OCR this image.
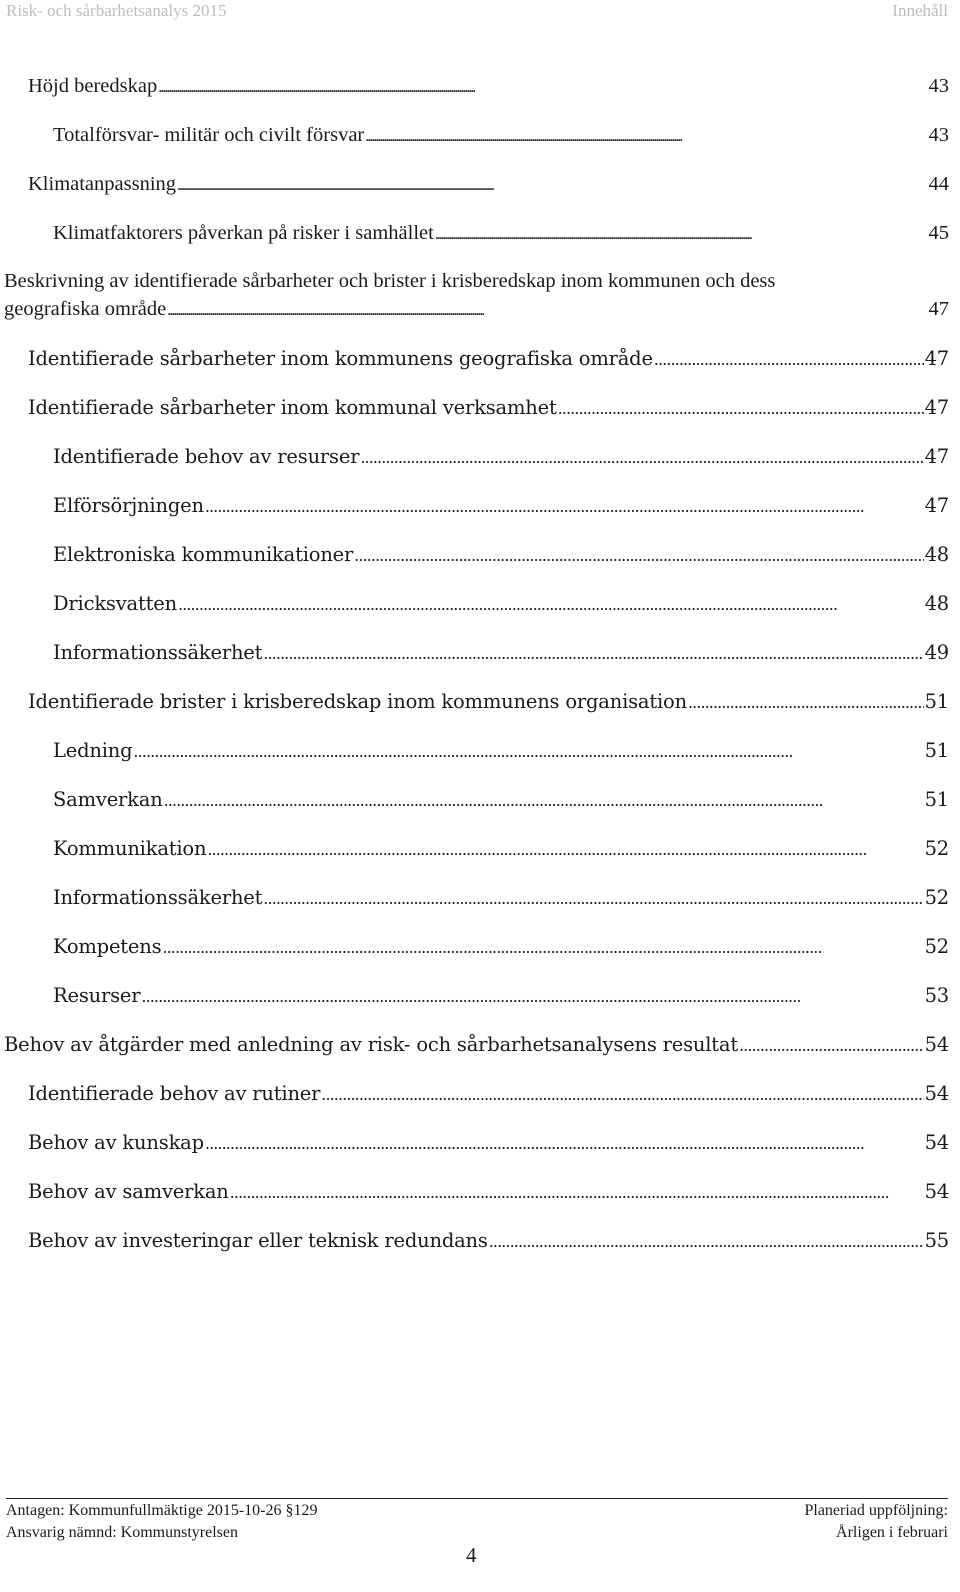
Risk- och sårbarhetsanalys 2015	Innehåll
Höjd beredskap . . .	43
Totalförsvar- militär och civilt försvar . . .	43
Klimatanpassning . . .	44
Klimatfaktorers påverkan på risker i samhället . . .	45
Beskrivning av identifierade sårbarheter och brister i krisberedskap inom kommunen och dess
geografiska område . . .	47
Identifierade sårbarheter inom kommunens geografiska område . . .	47
Identifierade sårbarheter inom kommunal verksamhet . . .	47
Identifierade behov av resurser . . .	47
Elförsörjningen . . .	47
Elektroniska kommunikationer . . .	48
Dricksvatten . . .	48
Informationssäkerhet . . .	49
Identifierade brister i krisberedskap inom kommunens organisation . . .	51
Ledning . . .	51
Samverkan . . .	51
Kommunikation . . .	52
Informationssäkerhet . . .	52
Kompetens . . .	52
Resurser . . .	53
Behov av åtgärder med anledning av risk- och sårbarhetsanalysens resultat . . .	54
Identifierade behov av rutiner . . .	54
Behov av kunskap . . .	54
Behov av samverkan . . .	54
Behov av investeringar eller teknisk redundans . . .	55
Antagen: Kommunfullmäktige 2015-10-26 §129
Ansvarig nämnd: Kommunstyrelsen
Planeriad uppföljning:
Årligen i februari
4
